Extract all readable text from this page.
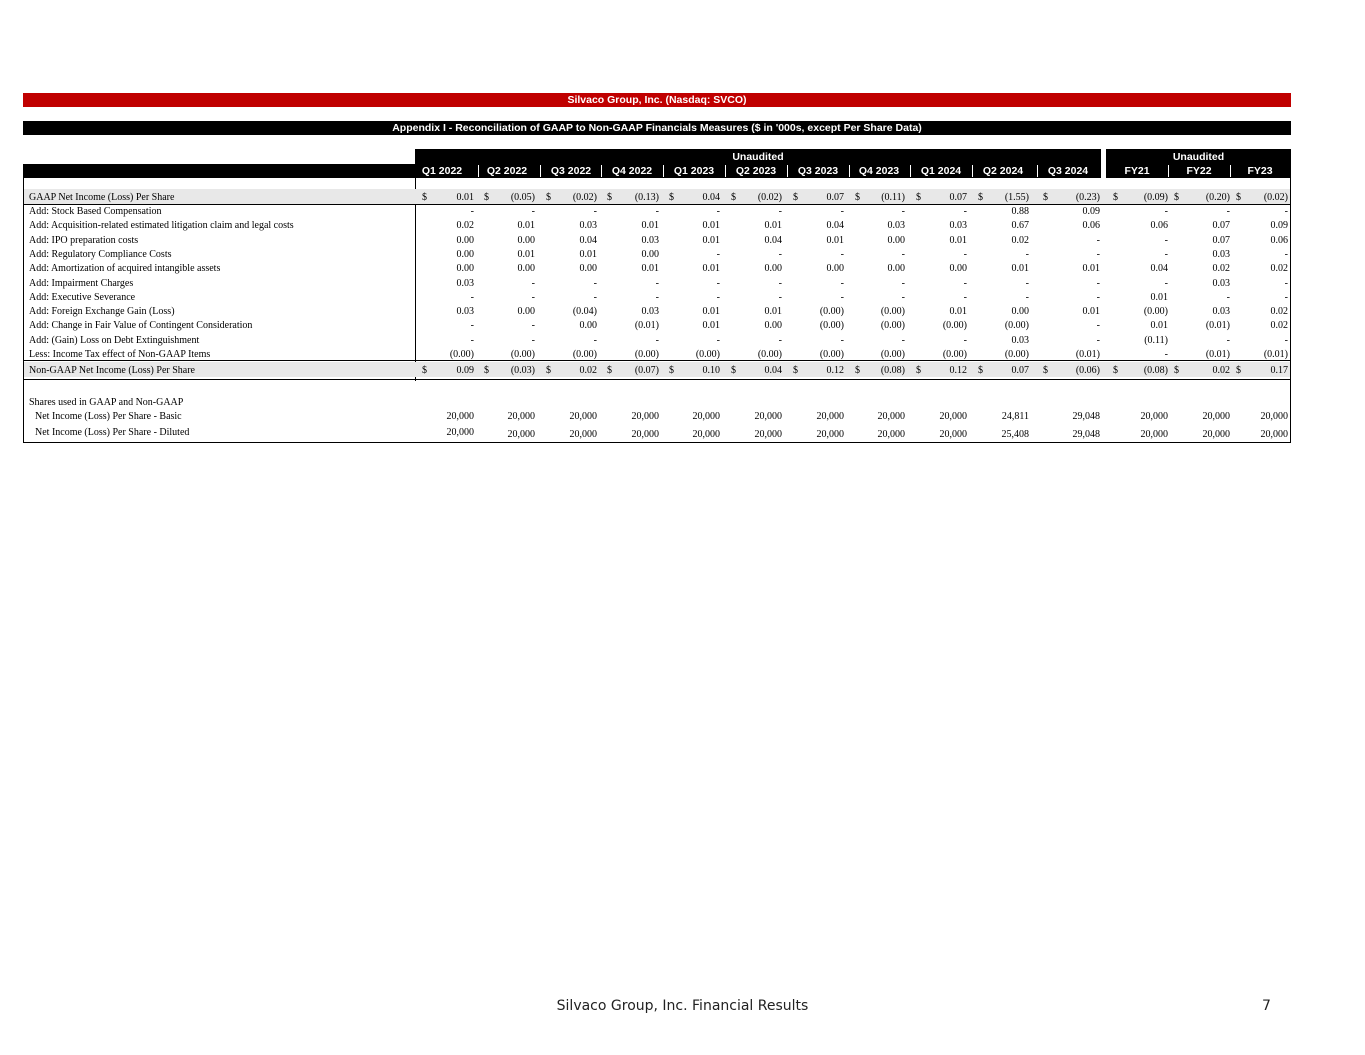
Silvaco Group, Inc. (Nasdaq: SVCO)
Appendix I - Reconciliation of GAAP to Non-GAAP Financials Measures ($ in '000s, except Per Share Data)
Unaudited	Unaudited
Q1 2022	Q2 2022	Q3 2022	Q4 2022	Q1 2023	Q2 2023	Q3 2023	Q4 2023	Q1 2024	Q2 2024	Q3 2024	FY21	FY22	FY23
GAAP Net Income (Loss) Per Share	$	0.01 $	(0.05) $	(0.02) $	(0.13) $	0.04 $	(0.02) $	0.07 $	(0.11) $	0.07 $	(1.55) $	(0.23) $	(0.09) $	(0.20) $	(0.02)
Add: Stock Based Compensation	-	-	-	-	-	-	-	-	-	0.88	0.09	-	-	-
Add: Acquisition-related estimated litigation claim and legal costs	0.02	0.01	0.03	0.01	0.01	0.01	0.04	0.03	0.03	0.67	0.06	0.06	0.07	0.09
Add: IPO preparation costs	0.00	0.00	0.04	0.03	0.01	0.04	0.01	0.00	0.01	0.02	-	-	0.07	0.06
Add: Regulatory Compliance Costs	0.00	0.01	0.01	0.00	-	-	-	-	-	-	-	-	0.03	-
Add: Amortization of acquired intangible assets	0.00	0.00	0.00	0.01	0.01	0.00	0.00	0.00	0.00	0.01	0.01	0.04	0.02	0.02
Add: Impairment Charges	0.03	-	-	-	-	-	-	-	-	-	-	-	0.03	-
Add: Executive Severance	-	-	-	-	-	-	-	-	-	-	-	0.01	-	-
Add: Foreign Exchange Gain (Loss)	0.03	0.00	(0.04)	0.03	0.01	0.01	(0.00)	(0.00)	0.01	0.00	0.01	(0.00)	0.03	0.02
Add: Change in Fair Value of Contingent Consideration	-	-	0.00	(0.01)	0.01	0.00	(0.00)	(0.00)	(0.00)	(0.00)	-	0.01	(0.01)	0.02
Add: (Gain) Loss on Debt Extinguishment	-	-	-	-	-	-	-	-	-	0.03	-	(0.11)	-	-
Less: Income Tax effect of Non-GAAP Items	(0.00)	(0.00)	(0.00)	(0.00)	(0.00)	(0.00)	(0.00)	(0.00)	(0.00)	(0.00)	(0.01)	-	(0.01)	(0.01)
Non-GAAP Net Income (Loss) Per Share	$	0.09 $	(0.03) $	0.02 $	(0.07) $	0.10 $	0.04 $	0.12 $	(0.08) $	0.12 $	0.07 $	(0.06) $	(0.08) $	0.02 $	0.17
Shares used in GAAP and Non-GAAP
Net Income (Loss) Per Share - Basic	20,000	20,000	20,000	20,000	20,000	20,000	20,000	20,000	20,000	24,811	29,048	20,000	20,000	20,000
Net Income (Loss) Per Share - Diluted	20,000	20,000	20,000	20,000	20,000	20,000	20,000	20,000	20,000	25,408	29,048	20,000	20,000	20,000
Silvaco Group, Inc. Financial Results	7
